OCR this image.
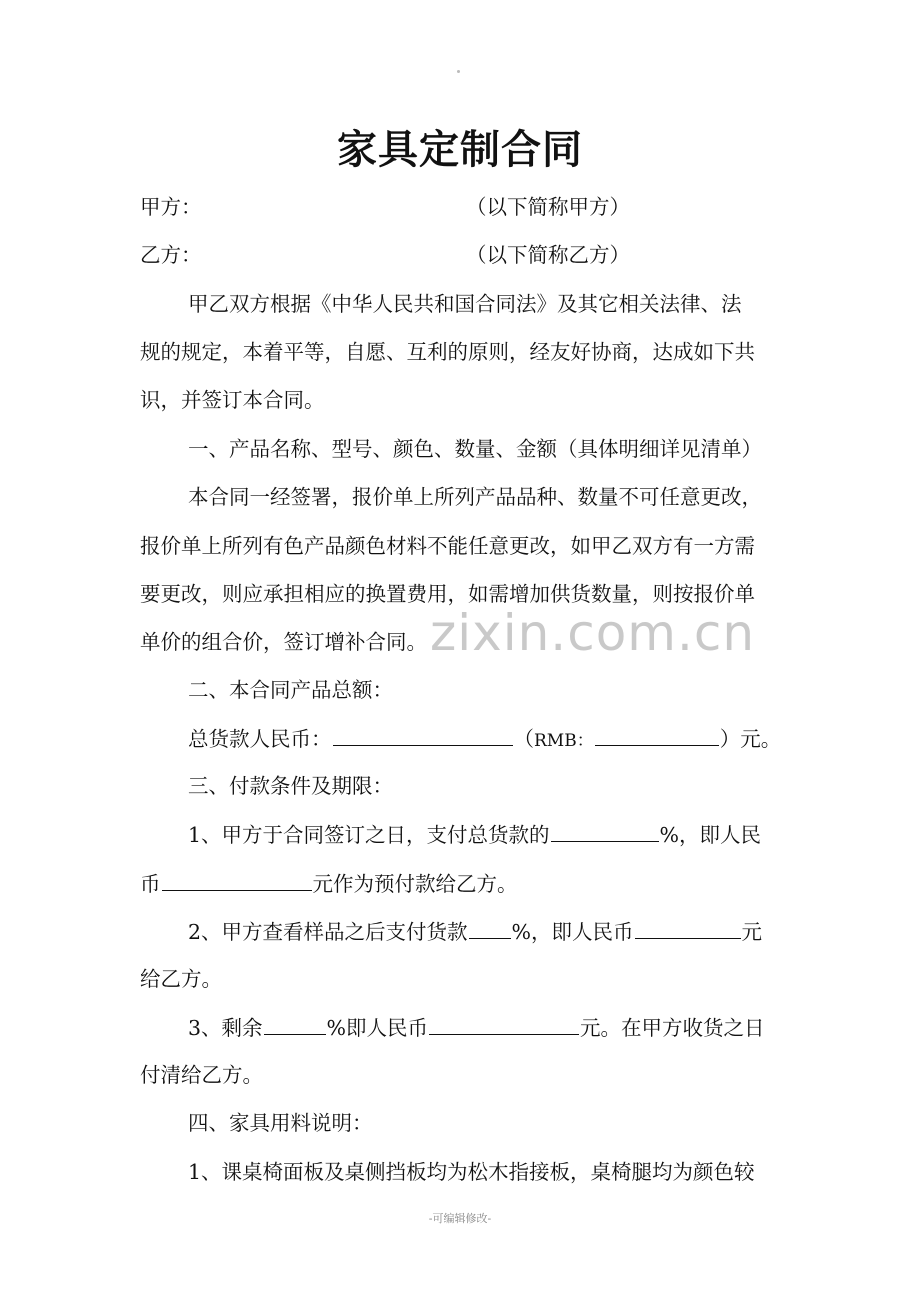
家具定制合同
甲方：	（以下简称甲方）
乙方：	（以下简称乙方）
甲乙双方根据《中华人民共和国合同法》及其它相关法律、法
规的规定，本着平等，自愿、互利的原则，经友好协商，达成如下共
识，并签订本合同。
一、产品名称、型号、颜色、数量、金额（具体明细详见清单）
本合同一经签署，报价单上所列产品品种、数量不可任意更改，
报价单上所列有色产品颜色材料不能任意更改，如甲乙双方有一方需
要更改，则应承担相应的换置费用，如需增加供货数量，则按报价单
单价的组合价，签订增补合同。
二、本合同产品总额：
总货款人民币：	（RMB：	）元。
三、付款条件及期限：
1、甲方于合同签订之日，支付总货款的	%，即人民
币	元作为预付款给乙方。
2、甲方查看样品之后支付货款 %，即人民币	元
给乙方。
3、剩余	%即人民币	元。在甲方收货之日
付清给乙方。
四、家具用料说明：
1、课桌椅面板及桌侧挡板均为松木指接板，桌椅腿均为颜色较
zixin.com.cn
-可编辑修改-
